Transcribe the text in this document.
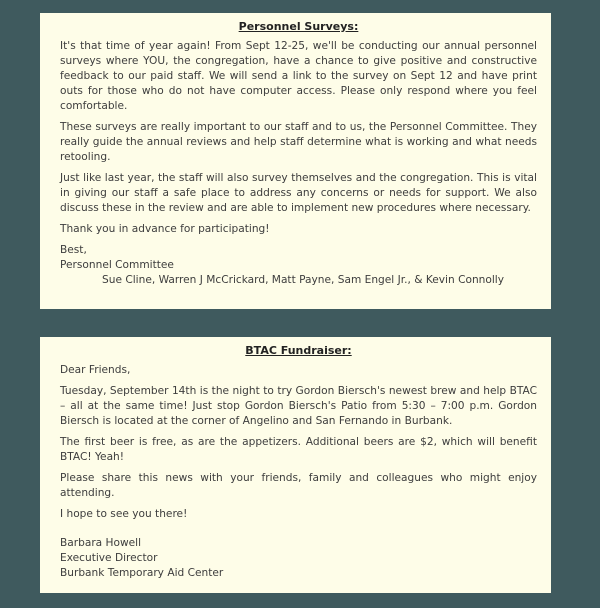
Personnel Surveys:

It's that time of year again! From Sept 12-25, we'll be conducting our annual personnel surveys where YOU, the congregation, have a chance to give positive and constructive feedback to our paid staff. We will send a link to the survey on Sept 12 and have print outs for those who do not have computer access. Please only respond where you feel comfortable.

These surveys are really important to our staff and to us, the Personnel Committee. They really guide the annual reviews and help staff determine what is working and what needs retooling.

Just like last year, the staff will also survey themselves and the congregation. This is vital in giving our staff a safe place to address any concerns or needs for support. We also discuss these in the review and are able to implement new procedures where necessary.

Thank you in advance for participating!

Best,

Personnel Committee

Sue Cline, Warren J McCrickard, Matt Payne, Sam Engel Jr., & Kevin Connolly

BTAC Fundraiser:

Dear Friends,

Tuesday, September 14th is the night to try Gordon Biersch's newest brew and help BTAC – all at the same time! Just stop Gordon Biersch's Patio from 5:30 – 7:00 p.m. Gordon Biersch is located at the corner of Angelino and San Fernando in Burbank.

The first beer is free, as are the appetizers. Additional beers are $2, which will benefit BTAC! Yeah!

Please share this news with your friends, family and colleagues who might enjoy attending.

I hope to see you there!

Barbara Howell

Executive Director

Burbank Temporary Aid Center
